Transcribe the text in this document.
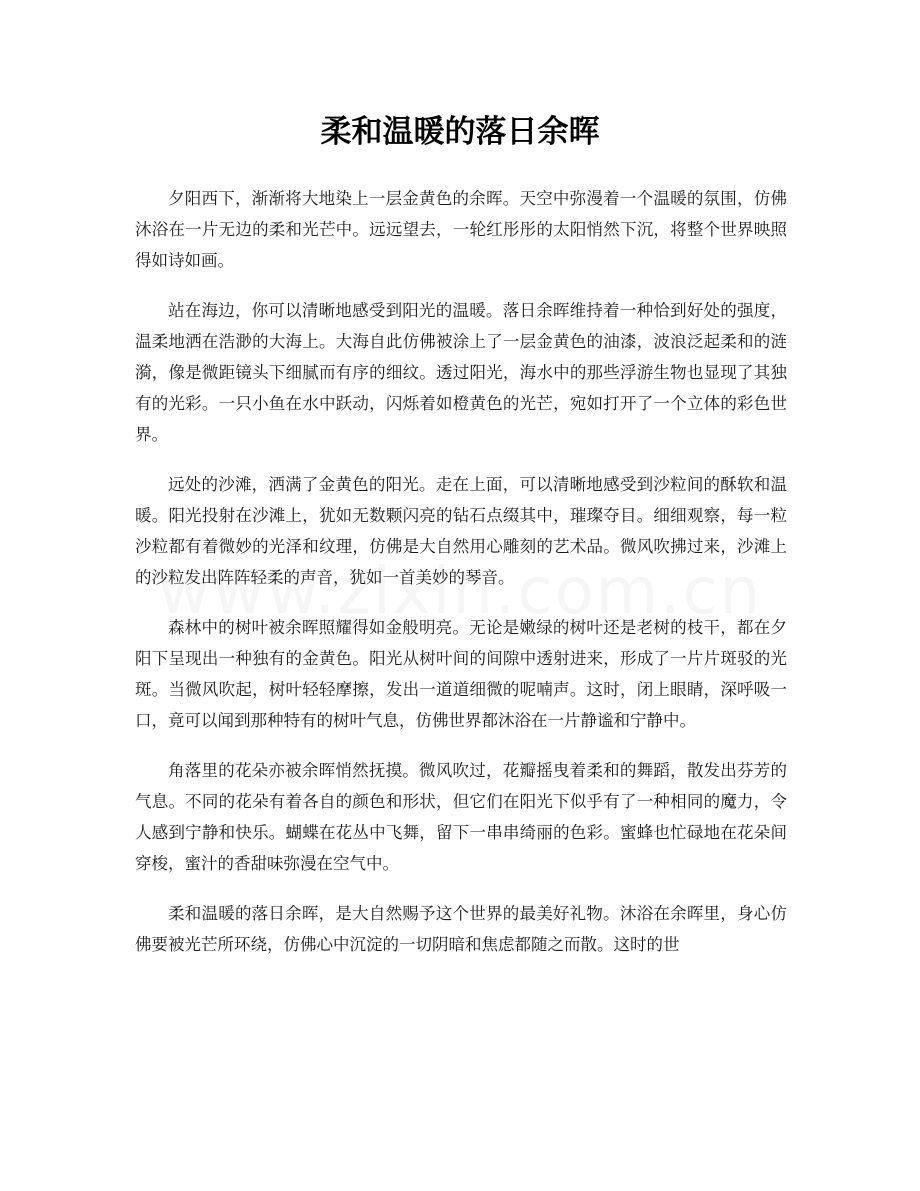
柔和温暖的落日余晖

夕阳西下，渐渐将大地染上一层金黄色的余晖。天空中弥漫着一个温暖的氛围，仿佛沐浴在一片无边的柔和光芒中。远远望去，一轮红彤彤的太阳悄然下沉，将整个世界映照得如诗如画。

站在海边，你可以清晰地感受到阳光的温暖。落日余晖维持着一种恰到好处的强度，温柔地洒在浩渺的大海上。大海自此仿佛被涂上了一层金黄色的油漆，波浪泛起柔和的涟漪，像是微距镜头下细腻而有序的细纹。透过阳光，海水中的那些浮游生物也显现了其独有的光彩。一只小鱼在水中跃动，闪烁着如橙黄色的光芒，宛如打开了一个立体的彩色世界。

远处的沙滩，洒满了金黄色的阳光。走在上面，可以清晰地感受到沙粒间的酥软和温暖。阳光投射在沙滩上，犹如无数颗闪亮的钻石点缀其中，璀璨夺目。细细观察，每一粒沙粒都有着微妙的光泽和纹理，仿佛是大自然用心雕刻的艺术品。微风吹拂过来，沙滩上的沙粒发出阵阵轻柔的声音，犹如一首美妙的琴音。

森林中的树叶被余晖照耀得如金般明亮。无论是嫩绿的树叶还是老树的枝干，都在夕阳下呈现出一种独有的金黄色。阳光从树叶间的间隙中透射进来，形成了一片片斑驳的光斑。当微风吹起，树叶轻轻摩擦，发出一道道细微的呢喃声。这时，闭上眼睛，深呼吸一口，竟可以闻到那种特有的树叶气息，仿佛世界都沐浴在一片静谧和宁静中。

角落里的花朵亦被余晖悄然抚摸。微风吹过，花瓣摇曳着柔和的舞蹈，散发出芬芳的气息。不同的花朵有着各自的颜色和形状，但它们在阳光下似乎有了一种相同的魔力，令人感到宁静和快乐。蝴蝶在花丛中飞舞，留下一串串绮丽的色彩。蜜蜂也忙碌地在花朵间穿梭，蜜汁的香甜味弥漫在空气中。

柔和温暖的落日余晖，是大自然赐予这个世界的最美好礼物。沐浴在余晖里，身心仿佛要被光芒所环绕，仿佛心中沉淀的一切阴暗和焦虑都随之而散。这时的世
